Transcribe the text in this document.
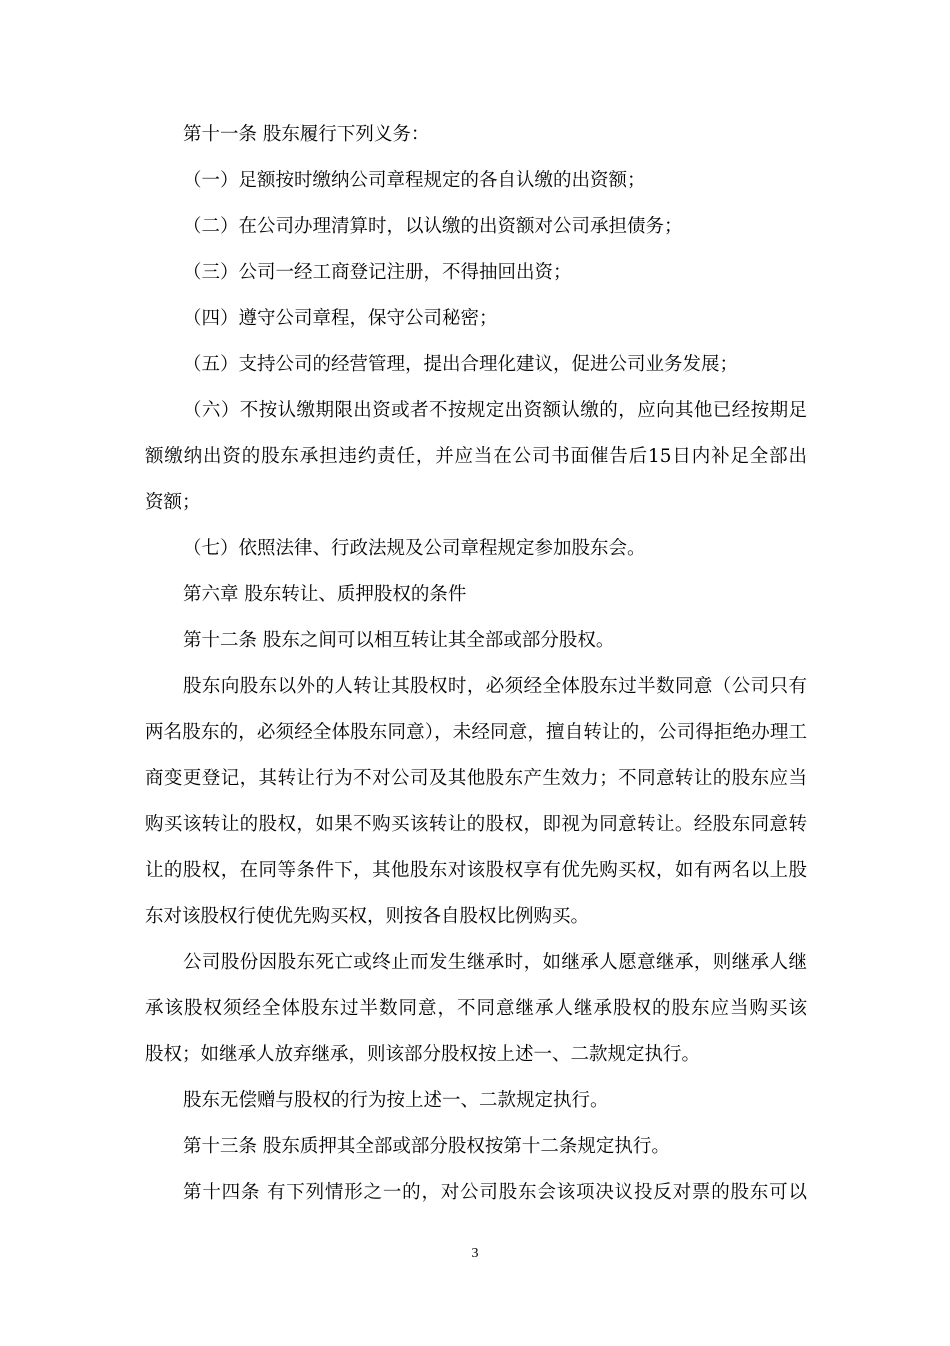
第十一条 股东履行下列义务：
（一）足额按时缴纳公司章程规定的各自认缴的出资额；
（二）在公司办理清算时，以认缴的出资额对公司承担债务；
（三）公司一经工商登记注册，不得抽回出资；
（四）遵守公司章程，保守公司秘密；
（五）支持公司的经营管理，提出合理化建议，促进公司业务发展；
（六）不按认缴期限出资或者不按规定出资额认缴的，应向其他已经按期足
额缴纳出资的股东承担违约责任，并应当在公司书面催告后15日内补足全部出
资额；
（七）依照法律、行政法规及公司章程规定参加股东会。
第六章 股东转让、质押股权的条件
第十二条 股东之间可以相互转让其全部或部分股权。
股东向股东以外的人转让其股权时，必须经全体股东过半数同意（公司只有
两名股东的，必须经全体股东同意），未经同意，擅自转让的，公司得拒绝办理工
商变更登记，其转让行为不对公司及其他股东产生效力；不同意转让的股东应当
购买该转让的股权，如果不购买该转让的股权，即视为同意转让。经股东同意转
让的股权，在同等条件下，其他股东对该股权享有优先购买权，如有两名以上股
东对该股权行使优先购买权，则按各自股权比例购买。
公司股份因股东死亡或终止而发生继承时，如继承人愿意继承，则继承人继
承该股权须经全体股东过半数同意，不同意继承人继承股权的股东应当购买该
股权；如继承人放弃继承，则该部分股权按上述一、二款规定执行。
股东无偿赠与股权的行为按上述一、二款规定执行。
第十三条 股东质押其全部或部分股权按第十二条规定执行。
第十四条 有下列情形之一的，对公司股东会该项决议投反对票的股东可以
3
